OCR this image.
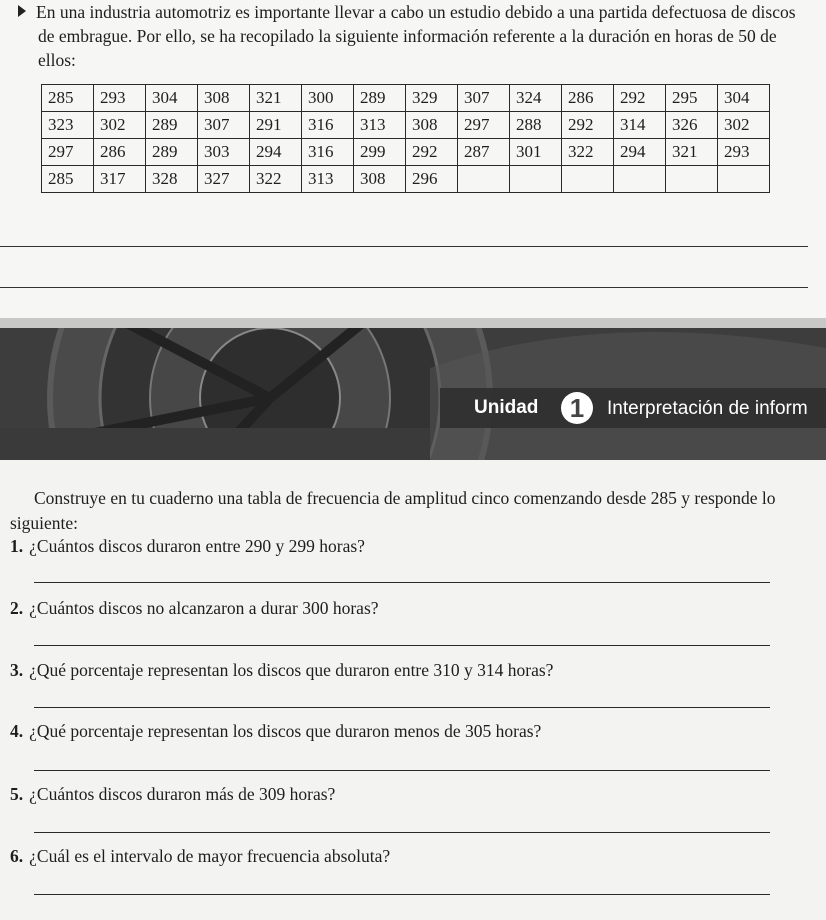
En una industria automotriz es importante llevar a cabo un estudio debido a una partida defectuosa de discos de embrague. Por ello, se ha recopilado la siguiente información referente a la duración en horas de 50 de ellos:

285	293	304	308	321	300	289	329	307	324	286	292	295	304
323	302	289	307	291	316	313	308	297	288	292	314	326	302
297	286	289	303	294	316	299	292	287	301	322	294	321	293
285	317	328	327	322	313	308	296						
Unidad	1	Interpretación de inform

Construye en tu cuaderno una tabla de frecuencia de amplitud cinco comenzando desde 285 y responde lo siguiente:

1. ¿Cuántos discos duraron entre 290 y 299 horas?
2. ¿Cuántos discos no alcanzaron a durar 300 horas?
3. ¿Qué porcentaje representan los discos que duraron entre 310 y 314 horas?
4. ¿Qué porcentaje representan los discos que duraron menos de 305 horas?
5. ¿Cuántos discos duraron más de 309 horas?
6. ¿Cuál es el intervalo de mayor frecuencia absoluta?
